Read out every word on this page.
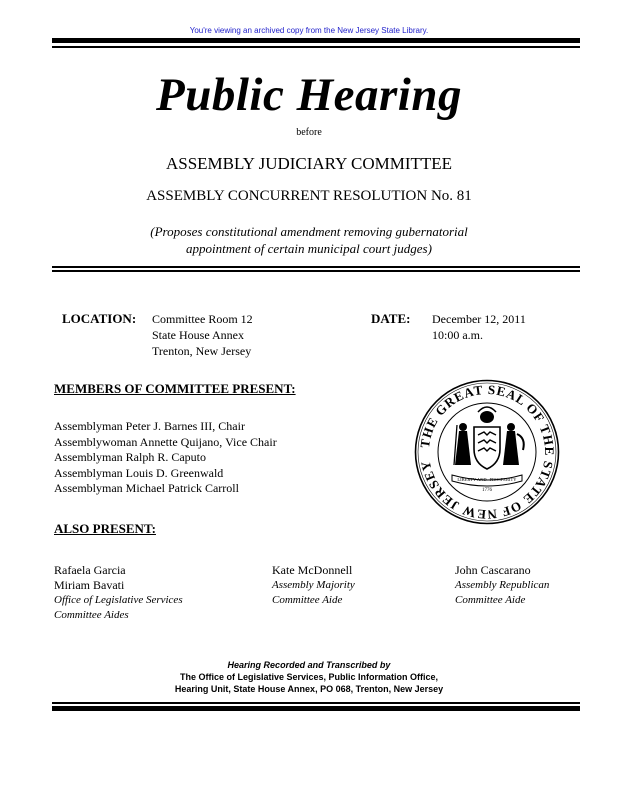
You're viewing an archived copy from the New Jersey State Library.
Public Hearing
before
ASSEMBLY JUDICIARY COMMITTEE
ASSEMBLY CONCURRENT RESOLUTION No. 81
(Proposes constitutional amendment removing gubernatorial
appointment of certain municipal court judges)
LOCATION: Committee Room 12
State House Annex
Trenton, New Jersey
DATE: December 12, 2011
10:00 a.m.
MEMBERS OF COMMITTEE PRESENT:
Assemblyman Peter J. Barnes III, Chair
Assemblywoman Annette Quijano, Vice Chair
Assemblyman Ralph R. Caputo
Assemblyman Louis D. Greenwald
Assemblyman Michael Patrick Carroll
THE GREAT SEAL OF THE STATE OF NEW JERSEY
LIBERTY AND PROSPERITY
1776
ALSO PRESENT:
Rafaela Garcia
Miriam Bavati
Office of Legislative Services
Committee Aides
Kate McDonnell
Assembly Majority
Committee Aide
John Cascarano
Assembly Republican
Committee Aide
Hearing Recorded and Transcribed by
The Office of Legislative Services, Public Information Office,
Hearing Unit, State House Annex, PO 068, Trenton, New Jersey
